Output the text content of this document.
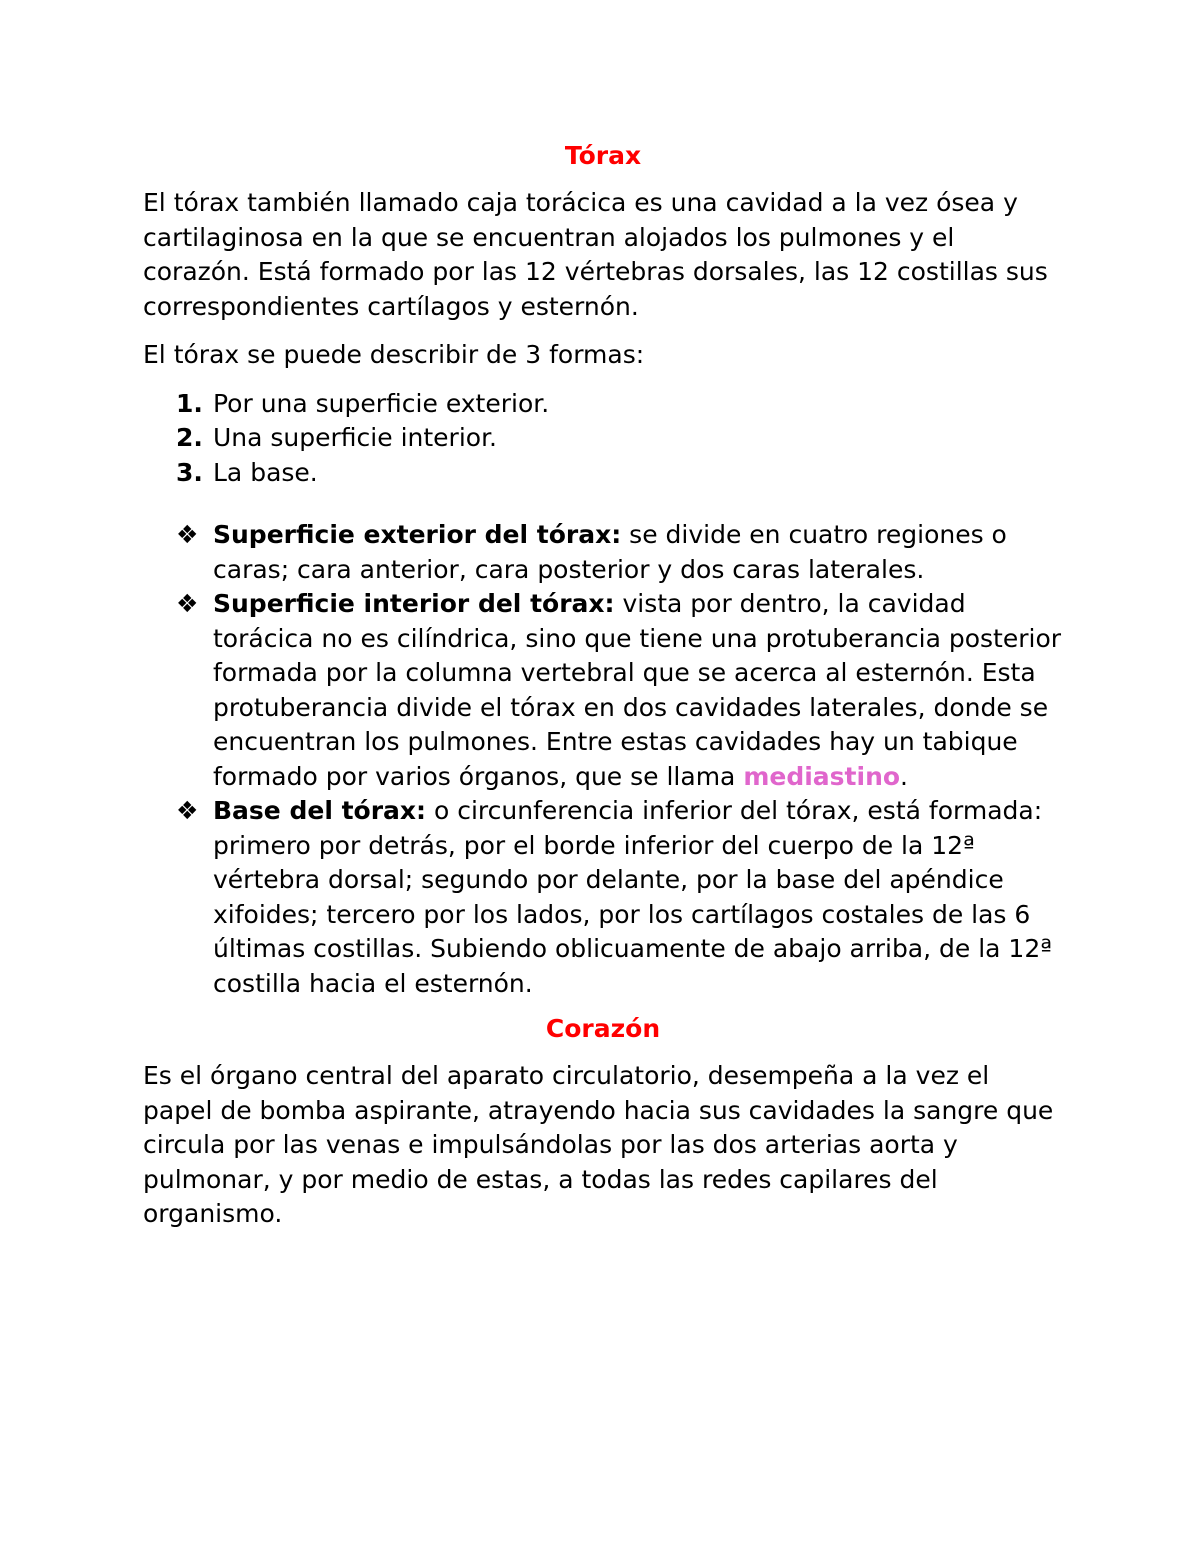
Tórax

El tórax también llamado caja torácica es una cavidad a la vez ósea y cartilaginosa en la que se encuentran alojados los pulmones y el corazón. Está formado por las 12 vértebras dorsales, las 12 costillas sus correspondientes cartílagos y esternón.

El tórax se puede describir de 3 formas:

1. Por una superficie exterior.
2. Una superficie interior.
3. La base.
❖ Superficie exterior del tórax: se divide en cuatro regiones o caras; cara anterior, cara posterior y dos caras laterales.
❖ Superficie interior del tórax: vista por dentro, la cavidad torácica no es cilíndrica, sino que tiene una protuberancia posterior formada por la columna vertebral que se acerca al esternón. Esta protuberancia divide el tórax en dos cavidades laterales, donde se encuentran los pulmones. Entre estas cavidades hay un tabique formado por varios órganos, que se llama mediastino.
❖ Base del tórax: o circunferencia inferior del tórax, está formada: primero por detrás, por el borde inferior del cuerpo de la 12ª vértebra dorsal; segundo por delante, por la base del apéndice xifoides; tercero por los lados, por los cartílagos costales de las 6 últimas costillas. Subiendo oblicuamente de abajo arriba, de la 12ª costilla hacia el esternón.
Corazón

Es el órgano central del aparato circulatorio, desempeña a la vez el papel de bomba aspirante, atrayendo hacia sus cavidades la sangre que circula por las venas e impulsándolas por las dos arterias aorta y pulmonar, y por medio de estas, a todas las redes capilares del organismo.
